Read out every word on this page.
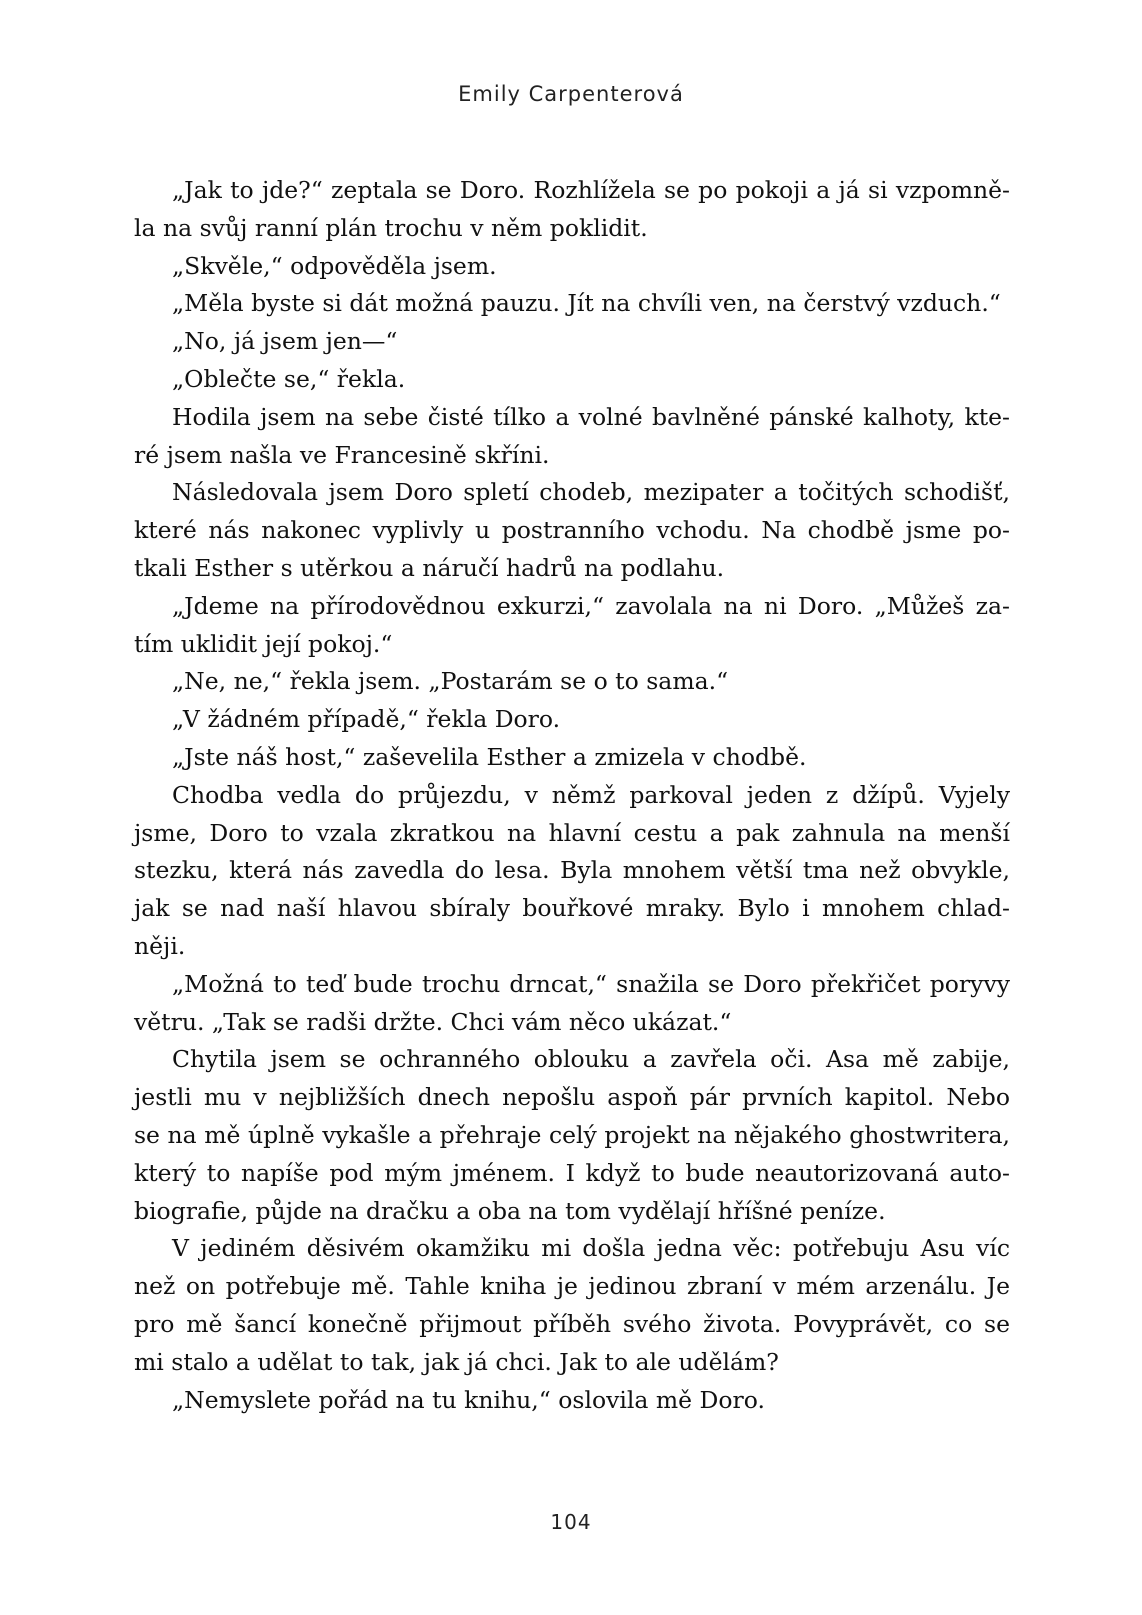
Emily Carpenterová

„Jak to jde?“ zeptala se Doro. Rozhlížela se po pokoji a já si vzpomně-
la na svůj ranní plán trochu v něm poklidit.

„Skvěle,“ odpověděla jsem.

„Měla byste si dát možná pauzu. Jít na chvíli ven, na čerstvý vzduch.“

„No, já jsem jen—“

„Oblečte se,“ řekla.

Hodila jsem na sebe čisté tílko a volné bavlněné pánské kalhoty, kte-
ré jsem našla ve Francesině skříni.

Následovala jsem Doro spletí chodeb, mezipater a točitých schodišť,
které nás nakonec vyplivly u postranního vchodu. Na chodbě jsme po-
tkali Esther s utěrkou a náručí hadrů na podlahu.

„Jdeme na přírodovědnou exkurzi,“ zavolala na ni Doro. „Můžeš za-
tím uklidit její pokoj.“

„Ne, ne,“ řekla jsem. „Postarám se o to sama.“

„V žádném případě,“ řekla Doro.

„Jste náš host,“ zaševelilа Esther a zmizela v chodbě.

Chodba vedla do průjezdu, v němž parkoval jeden z džípů. Vyjely
jsme, Doro to vzala zkratkou na hlavní cestu a pak zahnula na menší
stezku, která nás zavedla do lesa. Byla mnohem větší tma než obvykle,
jak se nad naší hlavou sbíraly bouřkové mraky. Bylo i mnohem chlad-
něji.

„Možná to teď bude trochu drncat,“ snažila se Doro překřičet poryvy
větru. „Tak se radši držte. Chci vám něco ukázat.“

Chytila jsem se ochranného oblouku a zavřela oči. Asa mě zabije,
jestli mu v nejbližších dnech nepošlu aspoň pár prvních kapitol. Nebo
se na mě úplně vykašle a přehraje celý projekt na nějakého ghostwritera,
který to napíše pod mým jménem. I když to bude neautorizovaná auto-
biografie, půjde na dračku a oba na tom vydělají hříšné peníze.

V jediném děsivém okamžiku mi došla jedna věc: potřebuju Asu víc
než on potřebuje mě. Tahle kniha je jedinou zbraní v mém arzenálu. Je
pro mě šancí konečně přijmout příběh svého života. Povyprávět, co se
mi stalo a udělat to tak, jak já chci. Jak to ale udělám?

„Nemyslete pořád na tu knihu,“ oslovila mě Doro.

104
